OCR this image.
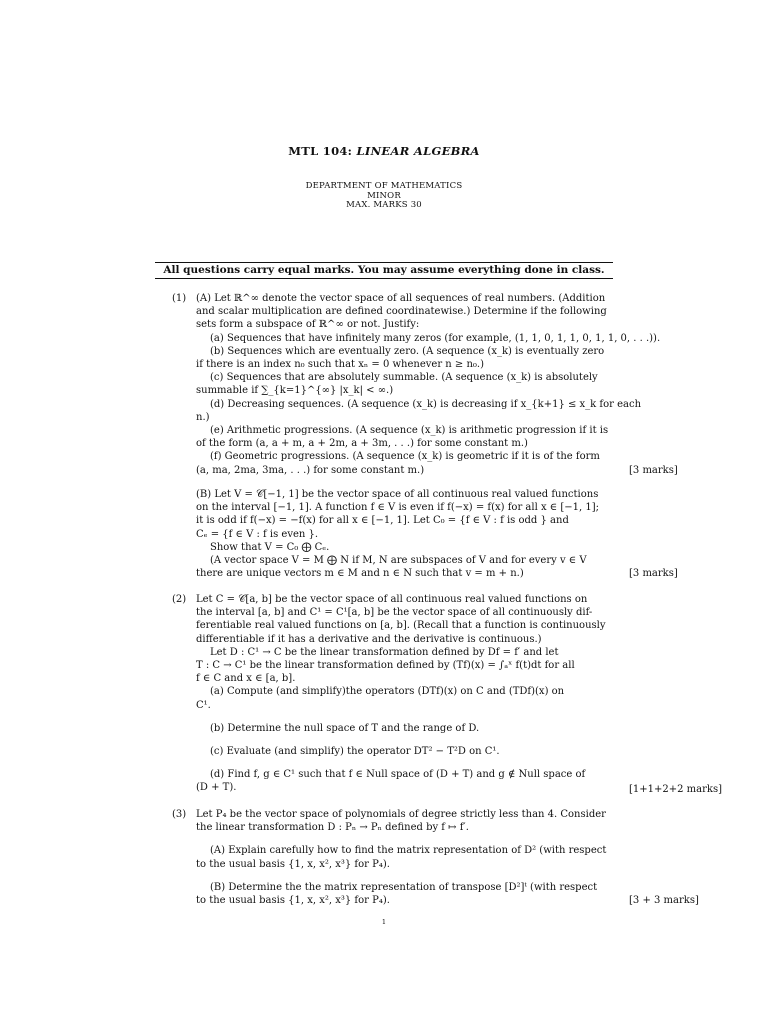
MTL 104: LINEAR ALGEBRA
DEPARTMENT OF MATHEMATICS
MINOR
MAX. MARKS 30
All questions carry equal marks. You may assume everything done in class.
(1) (A) Let ℝ^∞ denote the vector space of all sequences of real numbers. (Addition
and scalar multiplication are defined coordinatewise.) Determine if the following
sets form a subspace of ℝ^∞ or not. Justify:
(a) Sequences that have infinitely many zeros (for example, (1, 1, 0, 1, 1, 0, 1, 1, 0, . . .)).
(b) Sequences which are eventually zero. (A sequence (x_k) is eventually zero
if there is an index n₀ such that xₙ = 0 whenever n ≥ n₀.)
(c) Sequences that are absolutely summable. (A sequence (x_k) is absolutely
summable if ∑_{k=1}^{∞} |x_k| < ∞.)
(d) Decreasing sequences. (A sequence (x_k) is decreasing if x_{k+1} ≤ x_k for each
n.)
(e) Arithmetic progressions. (A sequence (x_k) is arithmetic progression if it is
of the form (a, a + m, a + 2m, a + 3m, . . .) for some constant m.)
(f) Geometric progressions. (A sequence (x_k) is geometric if it is of the form
(a, ma, 2ma, 3ma, . . .) for some constant m.)	[3 marks]
(B) Let V = 𝒞[−1, 1] be the vector space of all continuous real valued functions
on the interval [−1, 1]. A function f ∈ V is even if f(−x) = f(x) for all x ∈ [−1, 1];
it is odd if f(−x) = −f(x) for all x ∈ [−1, 1]. Let C₀ = {f ∈ V : f is odd } and
Cₑ = {f ∈ V : f is even }.
Show that V = C₀ ⨁ Cₑ.
(A vector space V = M ⨁ N if M, N are subspaces of V and for every v ∈ V
there are unique vectors m ∈ M and n ∈ N such that v = m + n.)	[3 marks]
(2) Let C = 𝒞[a, b] be the vector space of all continuous real valued functions on
the interval [a, b] and C¹ = C¹[a, b] be the vector space of all continuously dif-
ferentiable real valued functions on [a, b]. (Recall that a function is continuously
differentiable if it has a derivative and the derivative is continuous.)
Let D : C¹ → C be the linear transformation defined by Df = f′ and let
T : C → C¹ be the linear transformation defined by (Tf)(x) = ∫ₐˣ f(t)dt for all
f ∈ C and x ∈ [a, b].
(a) Compute (and simplify)the operators (DTf)(x) on C and (TDf)(x) on
C¹.
(b) Determine the null space of T and the range of D.
(c) Evaluate (and simplify) the operator DT² − T²D on C¹.
(d) Find f, g ∈ C¹ such that f ∈ Null space of (D + T) and g ∉ Null space of
(D + T).	[1+1+2+2 marks]
(3) Let P₄ be the vector space of polynomials of degree strictly less than 4. Consider
the linear transformation D : Pₙ → Pₙ defined by f ↦ f′.
(A) Explain carefully how to find the matrix representation of D² (with respect
to the usual basis {1, x, x², x³} for P₄).
(B) Determine the the matrix representation of transpose [D²]ᵗ (with respect
to the usual basis {1, x, x², x³} for P₄).	[3 + 3 marks]
1
